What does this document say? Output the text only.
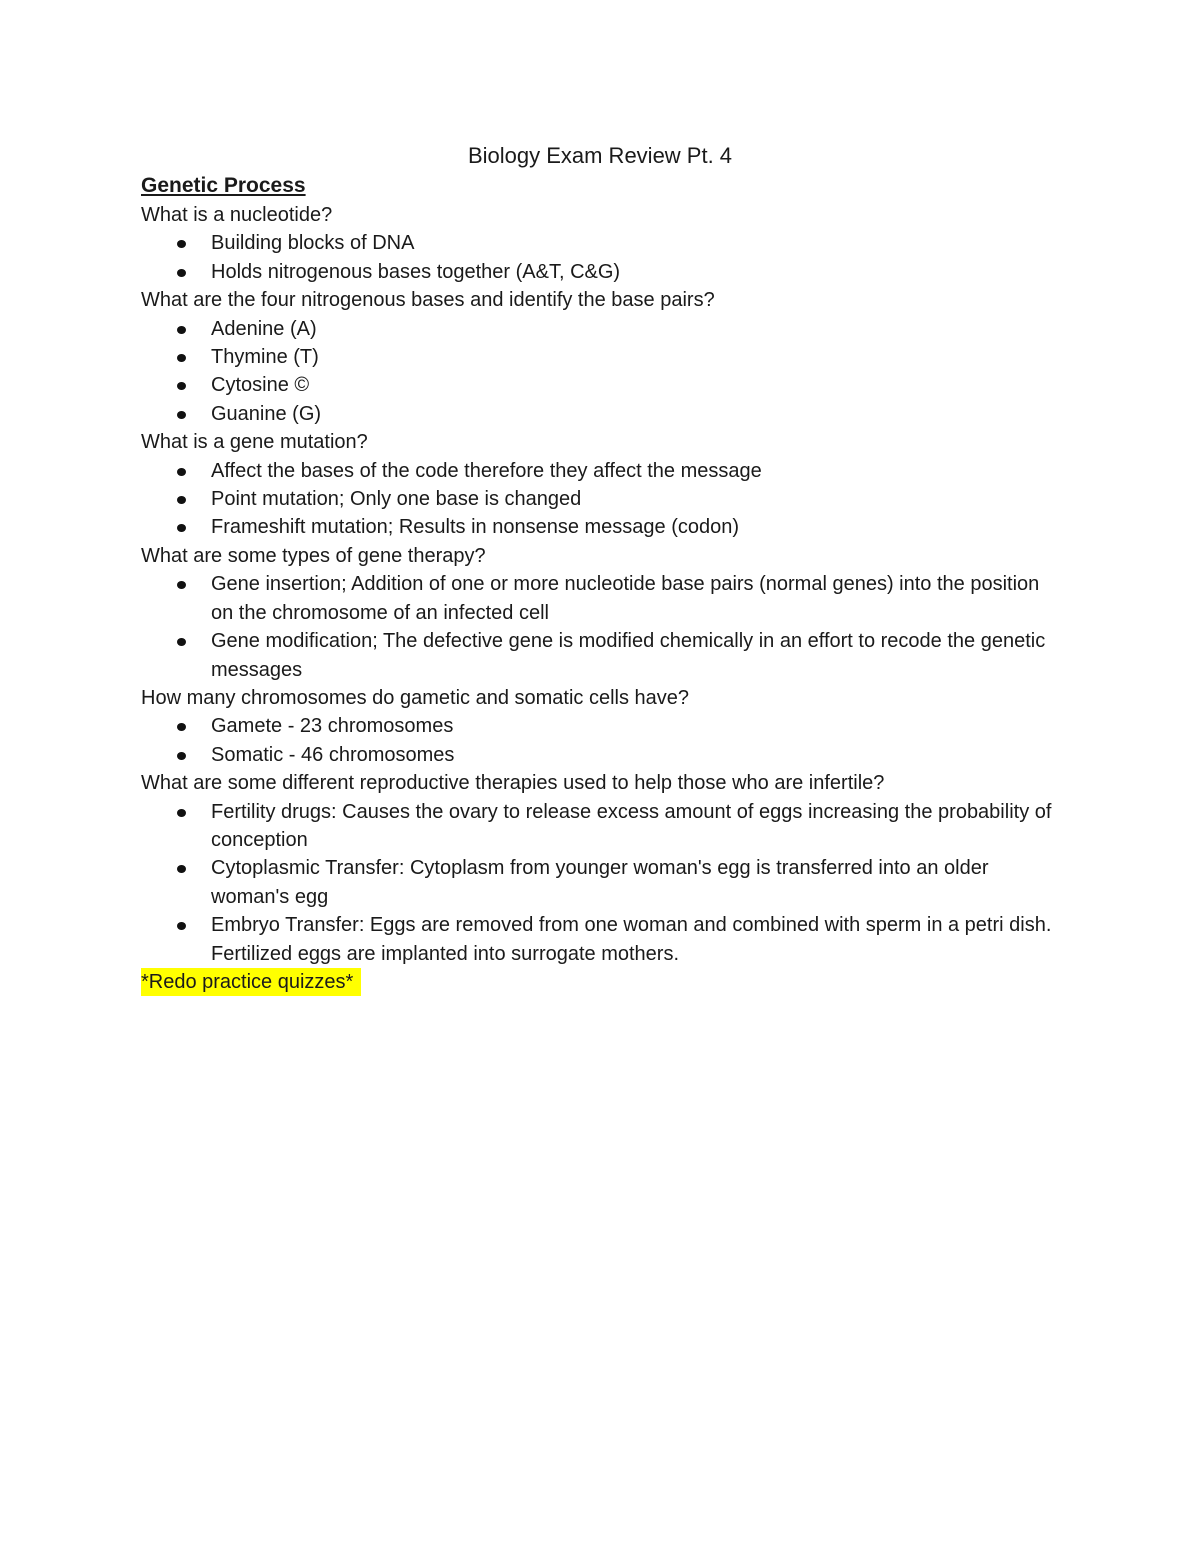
Biology Exam Review Pt. 4
Genetic Process

What is a nucleotide?

Building blocks of DNA
Holds nitrogenous bases together (A&T, C&G)

What are the four nitrogenous bases and identify the base pairs?

Adenine (A)
Thymine (T)
Cytosine ©
Guanine (G)

What is a gene mutation?

Affect the bases of the code therefore they affect the message
Point mutation; Only one base is changed
Frameshift mutation; Results in nonsense message (codon)

What are some types of gene therapy?

Gene insertion; Addition of one or more nucleotide base pairs (normal genes) into the position on the chromosome of an infected cell
Gene modification; The defective gene is modified chemically in an effort to recode the genetic messages

How many chromosomes do gametic and somatic cells have?

Gamete - 23 chromosomes
Somatic - 46 chromosomes

What are some different reproductive therapies used to help those who are infertile?

Fertility drugs: Causes the ovary to release excess amount of eggs increasing the probability of conception
Cytoplasmic Transfer: Cytoplasm from younger woman's egg is transferred into an older woman's egg
Embryo Transfer: Eggs are removed from one woman and combined with sperm in a petri dish. Fertilized eggs are implanted into surrogate mothers.
*Redo practice quizzes*
